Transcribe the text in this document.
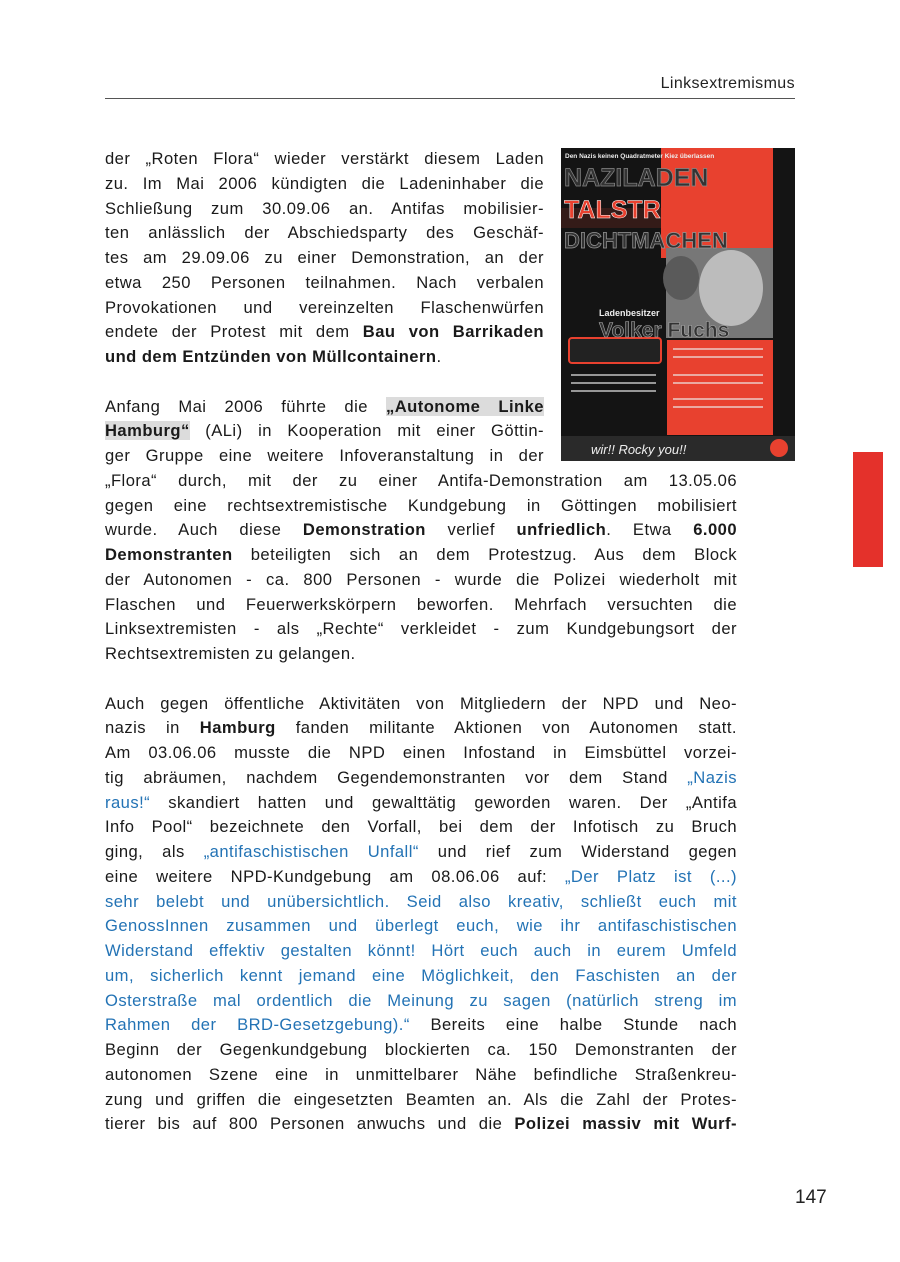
Linksextremismus
Den Nazis keinen Quadratmeter Kiez überlassen
NAZILADEN
TALSTR
DICHTMACHEN
Ladenbesitzer
Volker Fuchs
wir!! Rocky you!!
der „Roten Flora“ wieder verstärkt diesem Laden
zu. Im Mai 2006 kündigten die Ladeninhaber die
Schließung zum 30.09.06 an. Antifas mobilisier-
ten anlässlich der Abschiedsparty des Geschäf-
tes am 29.09.06 zu einer Demonstration, an der
etwa 250 Personen teilnahmen. Nach verbalen
Provokationen und vereinzelten Flaschenwürfen
endete der Protest mit dem Bau von Barrikaden
und dem Entzünden von Müllcontainern.
Anfang Mai 2006 führte die „Autonome Linke
Hamburg“ (ALi) in Kooperation mit einer Göttin-
ger Gruppe eine weitere Infoveranstaltung in der
„Flora“ durch, mit der zu einer Antifa-Demonstration am 13.05.06
gegen eine rechtsextremistische Kundgebung in Göttingen mobilisiert
wurde. Auch diese Demonstration verlief unfriedlich. Etwa 6.000
Demonstranten beteiligten sich an dem Protestzug. Aus dem Block
der Autonomen - ca. 800 Personen - wurde die Polizei wiederholt mit
Flaschen und Feuerwerkskörpern beworfen. Mehrfach versuchten die
Linksextremisten - als „Rechte“ verkleidet - zum Kundgebungsort der
Rechtsextremisten zu gelangen.
Auch gegen öffentliche Aktivitäten von Mitgliedern der NPD und Neo-
nazis in Hamburg fanden militante Aktionen von Autonomen statt.
Am 03.06.06 musste die NPD einen Infostand in Eimsbüttel vorzei-
tig abräumen, nachdem Gegendemonstranten vor dem Stand „Nazis
raus!“ skandiert hatten und gewalttätig geworden waren. Der „Antifa
Info Pool“ bezeichnete den Vorfall, bei dem der Infotisch zu Bruch
ging, als „antifaschistischen Unfall“ und rief zum Widerstand gegen
eine weitere NPD-Kundgebung am 08.06.06 auf: „Der Platz ist (...)
sehr belebt und unübersichtlich. Seid also kreativ, schließt euch mit
GenossInnen zusammen und überlegt euch, wie ihr antifaschistischen
Widerstand effektiv gestalten könnt! Hört euch auch in eurem Umfeld
um, sicherlich kennt jemand eine Möglichkeit, den Faschisten an der
Osterstraße mal ordentlich die Meinung zu sagen (natürlich streng im
Rahmen der BRD-Gesetzgebung).“ Bereits eine halbe Stunde nach
Beginn der Gegenkundgebung blockierten ca. 150 Demonstranten der
autonomen Szene eine in unmittelbarer Nähe befindliche Straßenkreu-
zung und griffen die eingesetzten Beamten an. Als die Zahl der Protes-
tierer bis auf 800 Personen anwuchs und die Polizei massiv mit Wurf-
147
